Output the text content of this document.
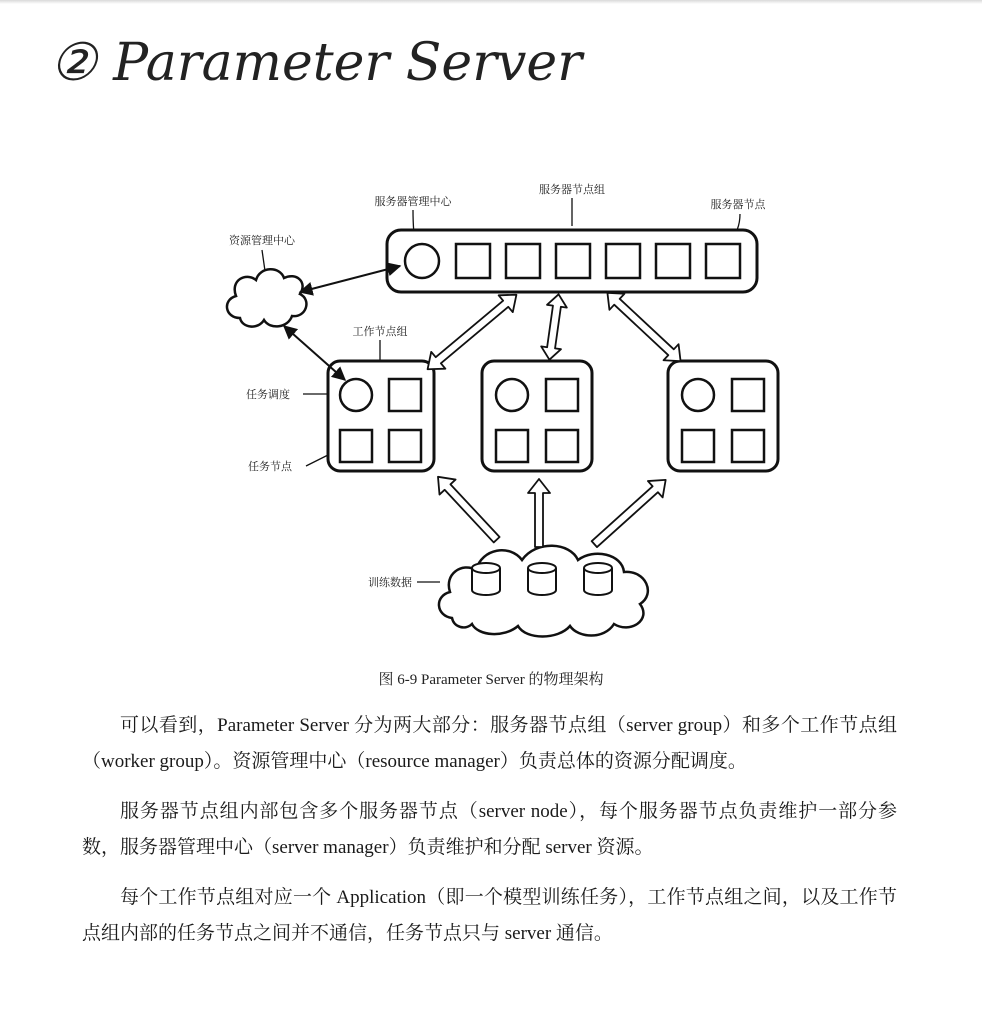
② Parameter Server
服务器管理中心
服务器节点组
服务器节点
资源管理中心
工作节点组
任务调度
任务节点
训练数据
图 6-9 Parameter Server 的物理架构

可以看到，Parameter Server 分为两大部分：服务器节点组（server group）和多个工作节点组（worker group）。资源管理中心（resource manager）负责总体的资源分配调度。

服务器节点组内部包含多个服务器节点（server node），每个服务器节点负责维护一部分参数，服务器管理中心（server manager）负责维护和分配 server 资源。

每个工作节点组对应一个 Application（即一个模型训练任务），工作节点组之间，以及工作节点组内部的任务节点之间并不通信，任务节点只与 server 通信。
